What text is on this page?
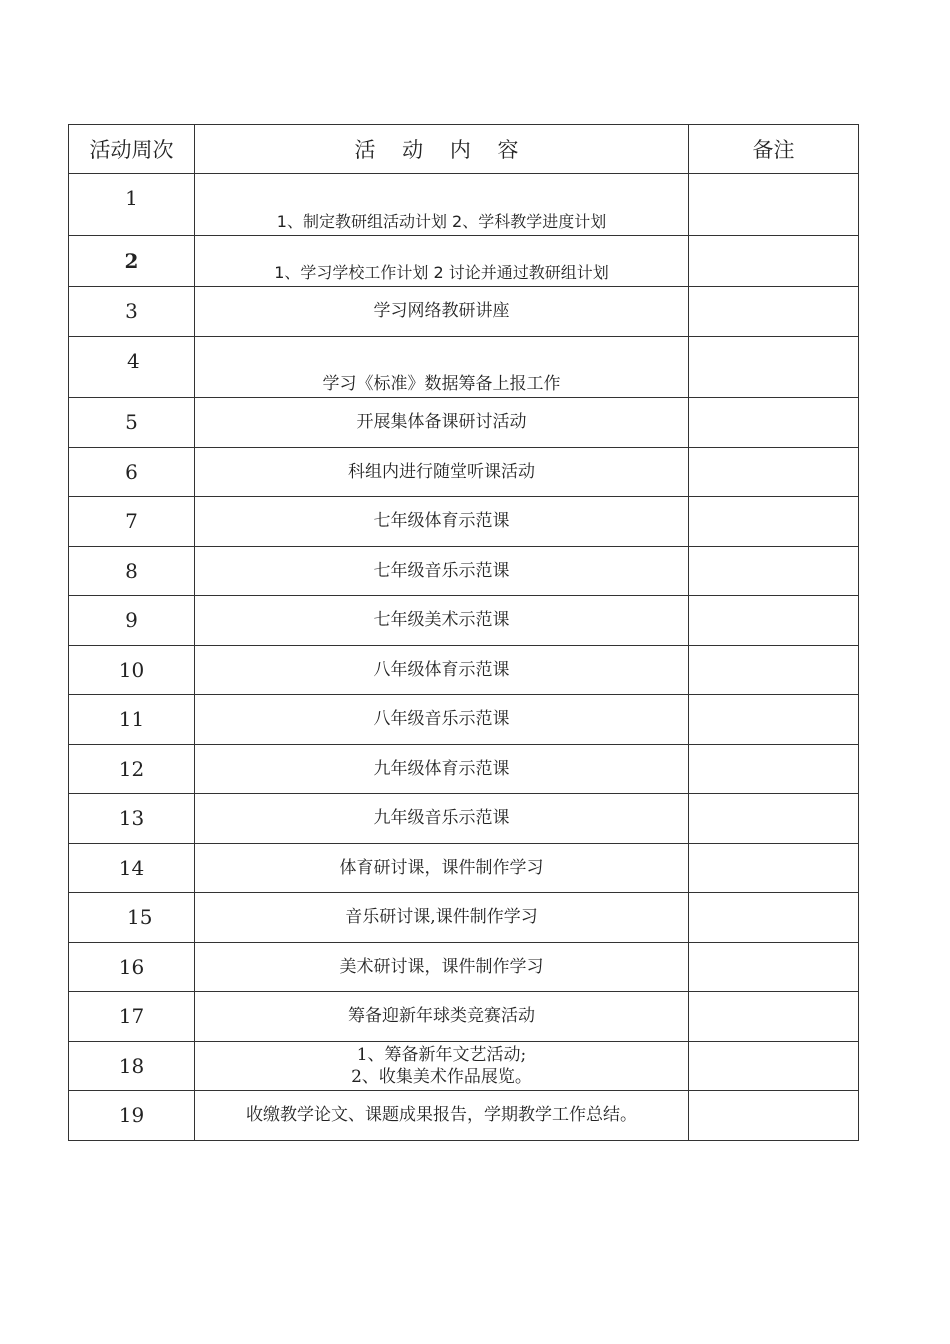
活动周次	活 动 内 容	备注
1	1、制定教研组活动计划 2、学科教学进度计划	

2	1、学习学校工作计划 2 讨论并通过教研组计划	

3	学习网络教研讲座	

4	学习《标准》数据筹备上报工作	

5	开展集体备课研讨活动	

6	科组内进行随堂听课活动	

7	七年级体育示范课	

8	七年级音乐示范课	

9	七年级美术示范课	

10	八年级体育示范课	

11	八年级音乐示范课	

12	九年级体育示范课	

13	九年级音乐示范课	

14	体育研讨课，课件制作学习	

15	音乐研讨课,课件制作学习	

16	美术研讨课，课件制作学习	

17	筹备迎新年球类竞赛活动	

18	1、筹备新年文艺活动;
2、收集美术作品展览。	

19	收缴教学论文、课题成果报告，学期教学工作总结。	
